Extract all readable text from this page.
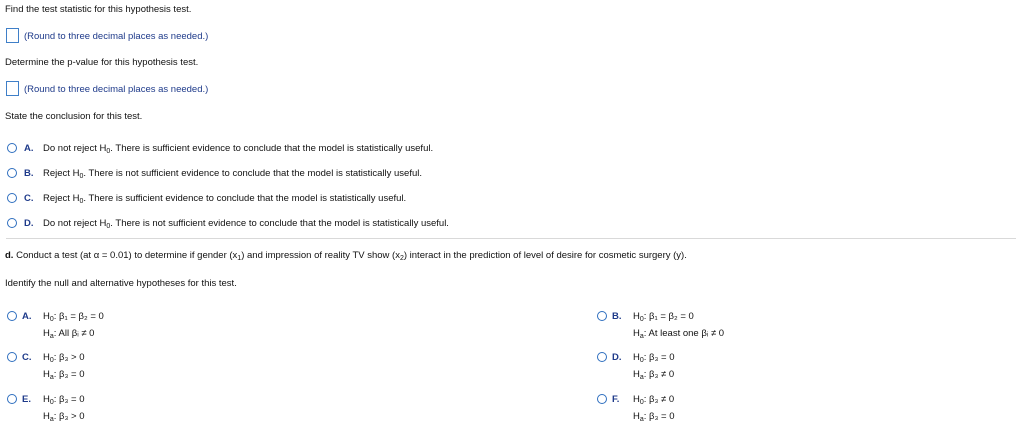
Find the test statistic for this hypothesis test.
(Round to three decimal places as needed.)
Determine the p-value for this hypothesis test.
(Round to three decimal places as needed.)
State the conclusion for this test.
A. Do not reject $H_0$. There is sufficient evidence to conclude that the model is statistically useful.
B. Reject $H_0$. There is not sufficient evidence to conclude that the model is statistically useful.
C. Reject $H_0$. There is sufficient evidence to conclude that the model is statistically useful.
D. Do not reject $H_0$. There is not sufficient evidence to conclude that the model is statistically useful.
d. Conduct a test (at α = 0.01) to determine if gender $(x_1)$ and impression of reality TV show $(x_2)$ interact in the prediction of level of desire for cosmetic surgery (y).
Identify the null and alternative hypotheses for this test.
A. $H_0$: β₁ = β₂ = 0
$H_a$: All βᵢ ≠ 0
C. $H_0$: β₃ > 0
$H_a$: β₃ = 0
E. $H_0$: β₃ = 0
$H_a$: β₃ > 0
B. $H_0$: β₁ = β₂ = 0
$H_a$: At least one βᵢ ≠ 0
D. $H_0$: β₃ = 0
$H_a$: β₃ ≠ 0
F. $H_0$: β₃ ≠ 0
$H_a$: β₃ = 0
